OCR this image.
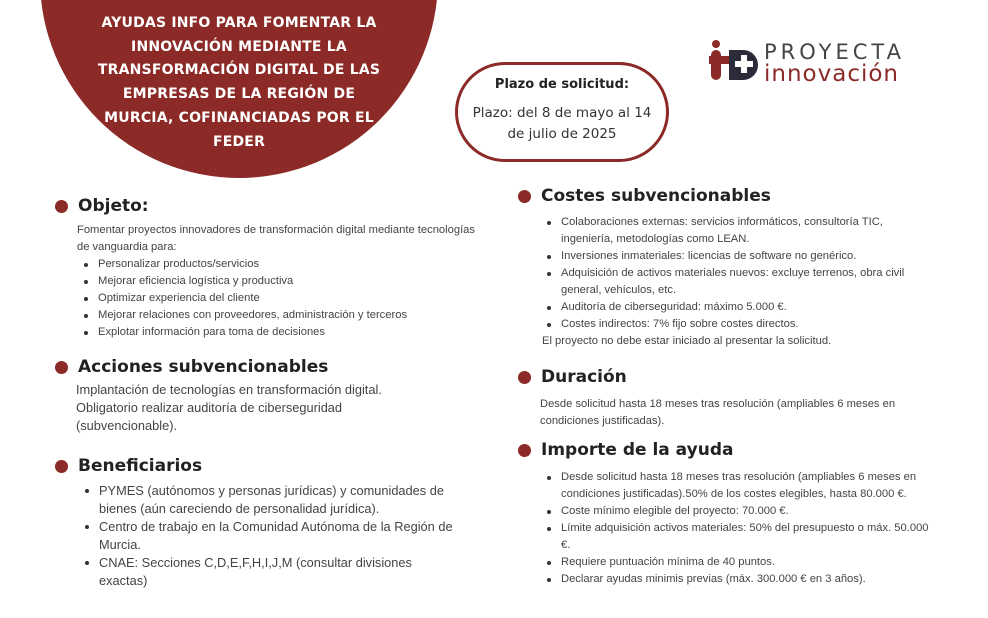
AYUDAS INFO PARA FOMENTAR LA INNOVACIÓN MEDIANTE LA TRANSFORMACIÓN DIGITAL DE LAS EMPRESAS DE LA REGIÓN DE MURCIA, COFINANCIADAS POR EL FEDER
Plazo de solicitud:
Plazo: del 8 de mayo al 14 de julio de 2025
PROYECTA
innovación
Objeto:
Fomentar proyectos innovadores de transformación digital mediante tecnologías de vanguardia para:
Personalizar productos/servicios
Mejorar eficiencia logística y productiva
Optimizar experiencia del cliente
Mejorar relaciones con proveedores, administración y terceros
Explotar información para toma de decisiones
Acciones subvencionables
Implantación de tecnologías en transformación digital. Obligatorio realizar auditoría de ciberseguridad (subvencionable).
Beneficiarios
PYMES (autónomos y personas jurídicas) y comunidades de bienes (aún careciendo de personalidad jurídica).
Centro de trabajo en la Comunidad Autónoma de la Región de Murcia.
CNAE: Secciones C,D,E,F,H,I,J,M (consultar divisiones exactas)
Costes subvencionables
Colaboraciones externas: servicios informáticos, consultoría TIC, ingeniería, metodologías como LEAN.
Inversiones inmateriales: licencias de software no genérico.
Adquisición de activos materiales nuevos: excluye terrenos, obra civil general, vehículos, etc.
Auditoría de ciberseguridad: máximo 5.000 €.
Costes indirectos: 7% fijo sobre costes directos.
El proyecto no debe estar iniciado al presentar la solicitud.
Duración
Desde solicitud hasta 18 meses tras resolución (ampliables 6 meses en condiciones justificadas).
Importe de la ayuda
Desde solicitud hasta 18 meses tras resolución (ampliables 6 meses en condiciones justificadas).50% de los costes elegibles, hasta 80.000 €.
Coste mínimo elegible del proyecto: 70.000 €.
Límite adquisición activos materiales: 50% del presupuesto o máx. 50.000 €.
Requiere puntuación mínima de 40 puntos.
Declarar ayudas minimis previas (máx. 300.000 € en 3 años).
